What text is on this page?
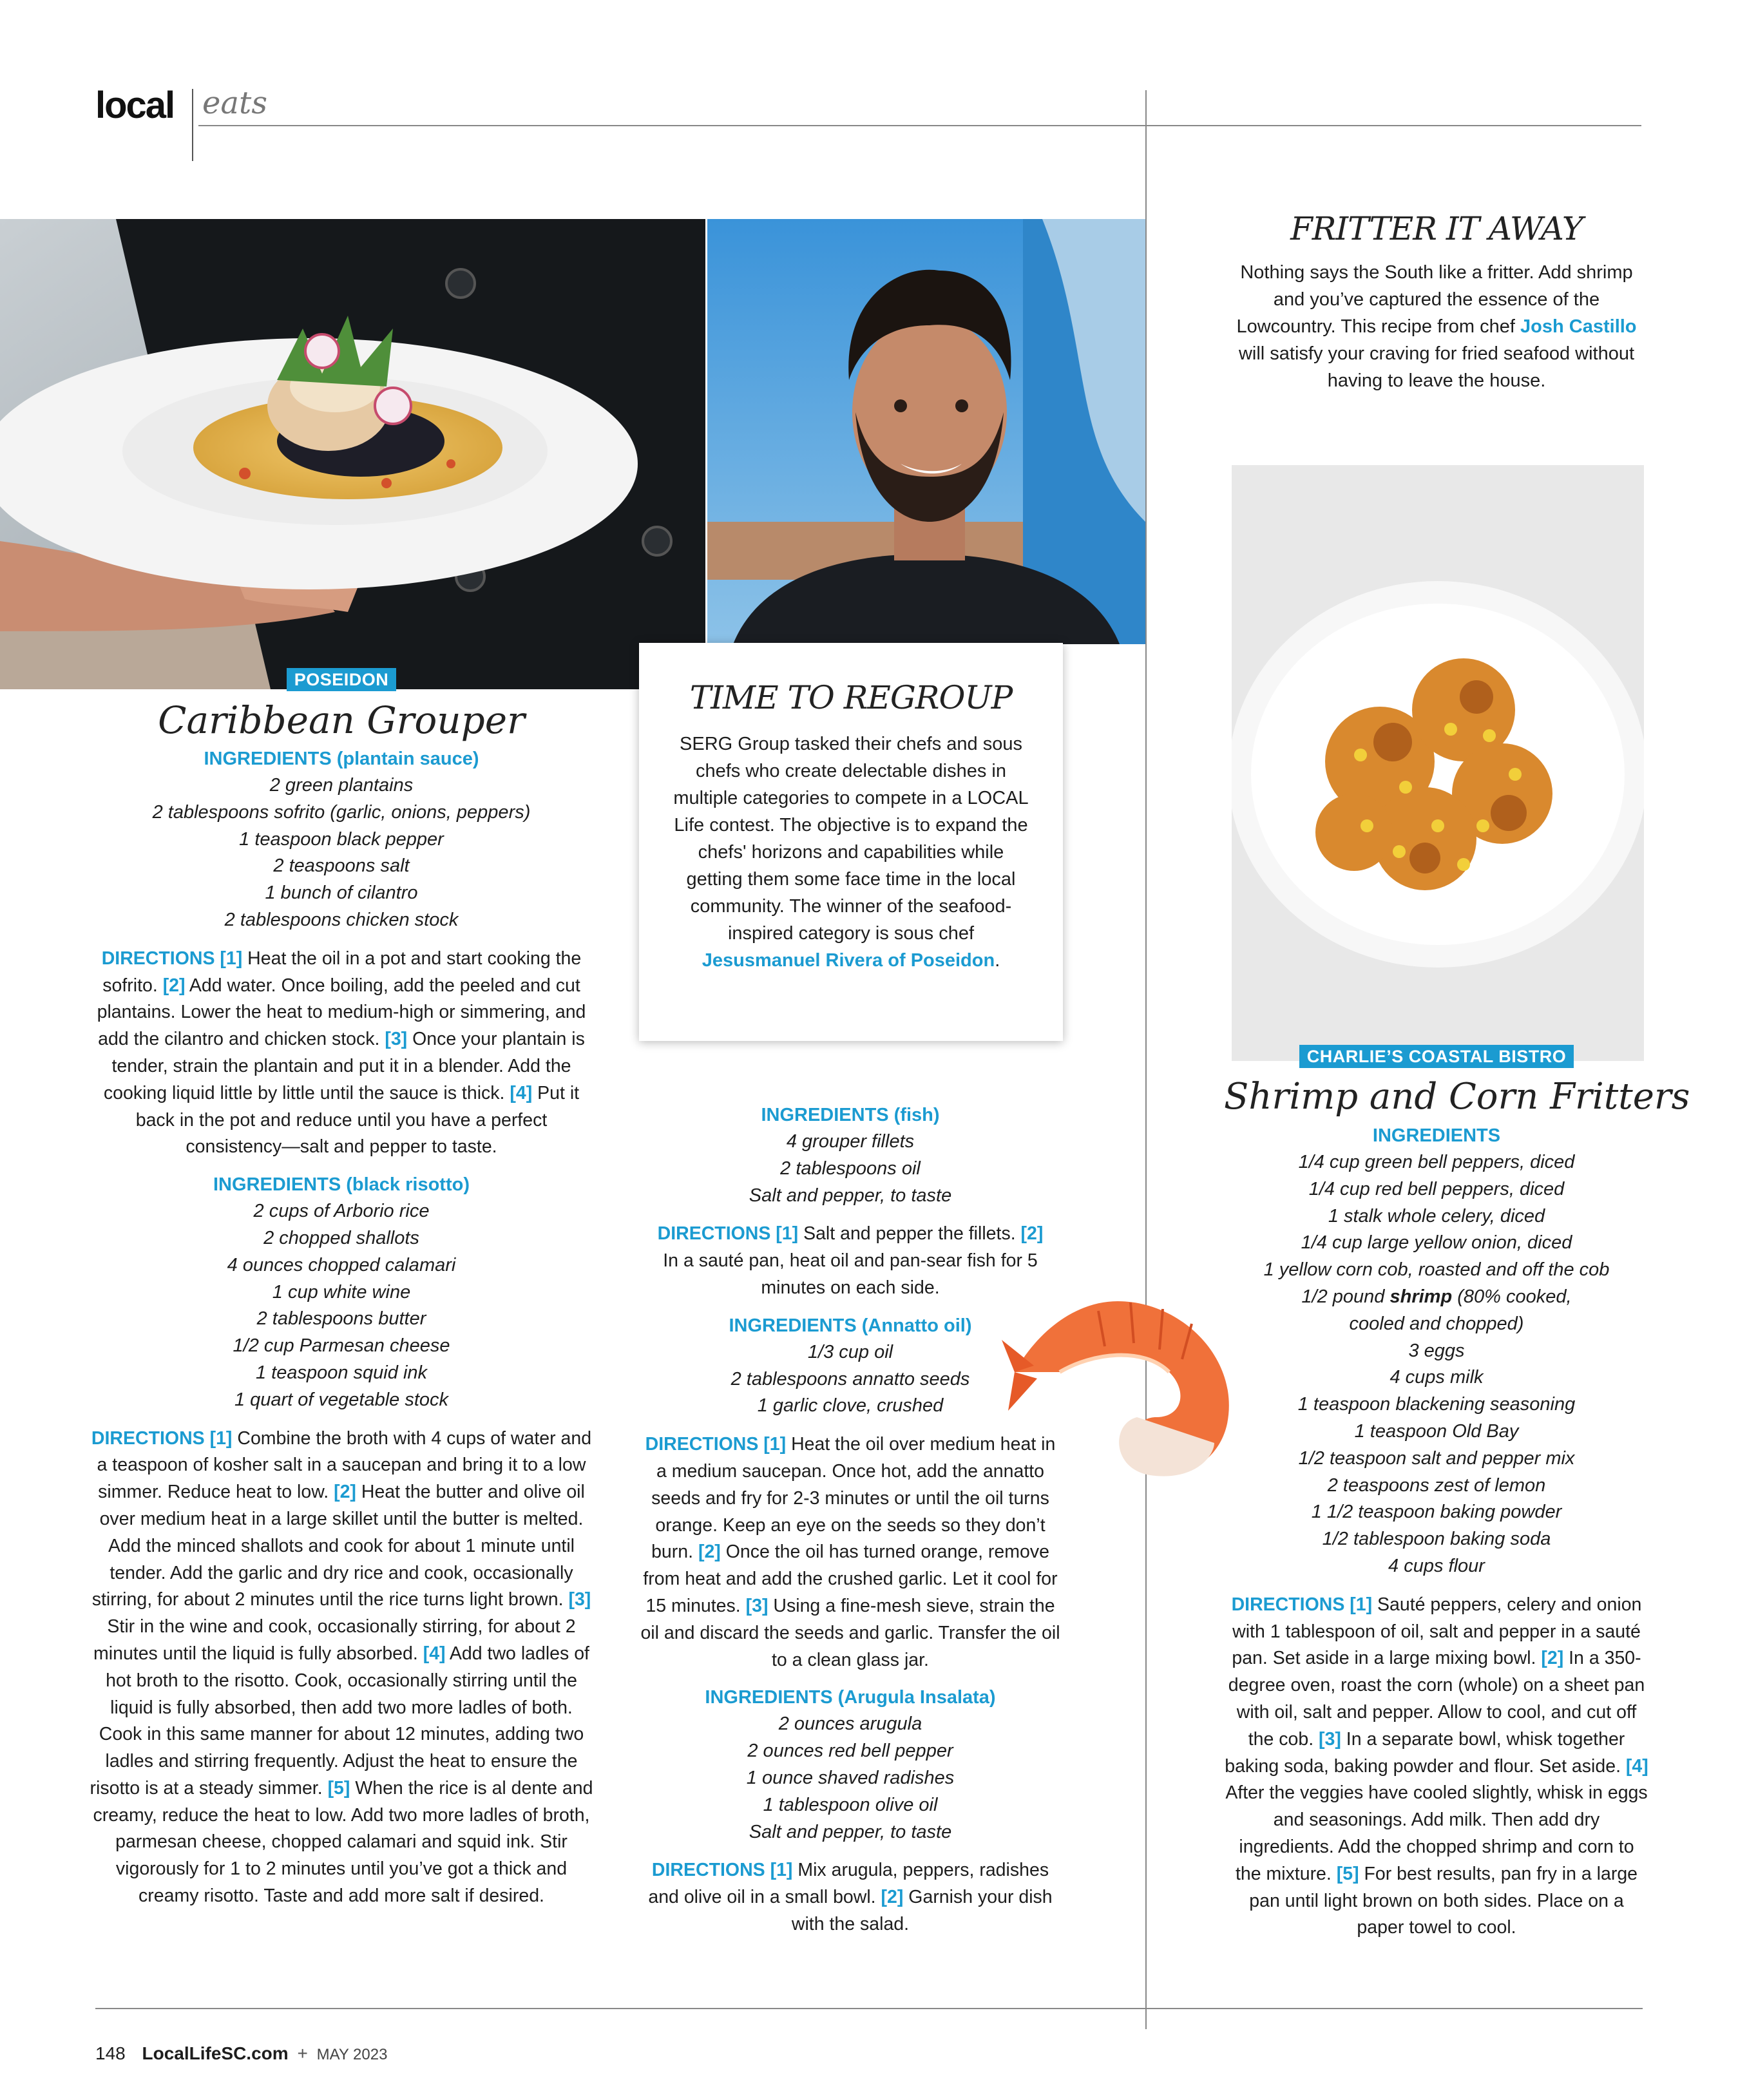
local eats
TIME TO REGROUP
SERG Group tasked their chefs and sous chefs who create delectable dishes in multiple categories to compete in a LOCAL Life contest. The objective is to expand the chefs' horizons and capabilities while getting them some face time in the local community. The winner of the seafood-inspired category is sous chef Jesusmanuel Rivera of Poseidon.
FRITTER IT AWAY
Nothing says the South like a fritter. Add shrimp and you’ve captured the essence of the Lowcountry. This recipe from chef Josh Castillo will satisfy your craving for fried seafood without having to leave the house.
POSEIDON
Caribbean Grouper
INGREDIENTS (plantain sauce)
2 green plantains
2 tablespoons sofrito (garlic, onions, peppers)
1 teaspoon black pepper
2 teaspoons salt
1 bunch of cilantro
2 tablespoons chicken stock

DIRECTIONS [1] Heat the oil in a pot and start cooking the sofrito. [2] Add water. Once boiling, add the peeled and cut plantains. Lower the heat to medium-high or simmering, and add the cilantro and chicken stock. [3] Once your plantain is tender, strain the plantain and put it in a blender. Add the cooking liquid little by little until the sauce is thick. [4] Put it back in the pot and reduce until you have a perfect consistency—salt and pepper to taste.

INGREDIENTS (black risotto)
2 cups of Arborio rice
2 chopped shallots
4 ounces chopped calamari
1 cup white wine
2 tablespoons butter
1/2 cup Parmesan cheese
1 teaspoon squid ink
1 quart of vegetable stock

DIRECTIONS [1] Combine the broth with 4 cups of water and a teaspoon of kosher salt in a saucepan and bring it to a low simmer. Reduce heat to low. [2] Heat the butter and olive oil over medium heat in a large skillet until the butter is melted. Add the minced shallots and cook for about 1 minute until tender. Add the garlic and dry rice and cook, occasionally stirring, for about 2 minutes until the rice turns light brown. [3] Stir in the wine and cook, occasionally stirring, for about 2 minutes until the liquid is fully absorbed. [4] Add two ladles of hot broth to the risotto. Cook, occasionally stirring until the liquid is fully absorbed, then add two more ladles of both. Cook in this same manner for about 12 minutes, adding two ladles and stirring frequently. Adjust the heat to ensure the risotto is at a steady simmer. [5] When the rice is al dente and creamy, reduce the heat to low. Add two more ladles of broth, parmesan cheese, chopped calamari and squid ink. Stir vigorously for 1 to 2 minutes until you’ve got a thick and creamy risotto. Taste and add more salt if desired.

INGREDIENTS (fish)
4 grouper fillets
2 tablespoons oil
Salt and pepper, to taste

DIRECTIONS [1] Salt and pepper the fillets. [2] In a sauté pan, heat oil and pan-sear fish for 5 minutes on each side.

INGREDIENTS (Annatto oil)
1/3 cup oil
2 tablespoons annatto seeds
1 garlic clove, crushed

DIRECTIONS [1] Heat the oil over medium heat in a medium saucepan. Once hot, add the annatto seeds and fry for 2-3 minutes or until the oil turns orange. Keep an eye on the seeds so they don’t burn. [2] Once the oil has turned orange, remove from heat and add the crushed garlic. Let it cool for 15 minutes. [3] Using a fine-mesh sieve, strain the oil and discard the seeds and garlic. Transfer the oil to a clean glass jar.

INGREDIENTS (Arugula Insalata)
2 ounces arugula
2 ounces red bell pepper
1 ounce shaved radishes
1 tablespoon olive oil
Salt and pepper, to taste

DIRECTIONS [1] Mix arugula, peppers, radishes and olive oil in a small bowl. [2] Garnish your dish with the salad.

CHARLIE’S COASTAL BISTRO
Shrimp and Corn Fritters
INGREDIENTS
1/4 cup green bell peppers, diced
1/4 cup red bell peppers, diced
1 stalk whole celery, diced
1/4 cup large yellow onion, diced
1 yellow corn cob, roasted and off the cob
1/2 pound shrimp (80% cooked,
cooled and chopped)
3 eggs
4 cups milk
1 teaspoon blackening seasoning
1 teaspoon Old Bay
1/2 teaspoon salt and pepper mix
2 teaspoons zest of lemon
1 1/2 teaspoon baking powder
1/2 tablespoon baking soda
4 cups flour

DIRECTIONS [1] Sauté peppers, celery and onion with 1 tablespoon of oil, salt and pepper in a sauté pan. Set aside in a large mixing bowl. [2] In a 350-degree oven, roast the corn (whole) on a sheet pan with oil, salt and pepper. Allow to cool, and cut off the cob. [3] In a separate bowl, whisk together baking soda, baking powder and flour. Set aside. [4] After the veggies have cooled slightly, whisk in eggs and seasonings. Add milk. Then add dry ingredients. Add the chopped shrimp and corn to the mixture. [5] For best results, pan fry in a large pan until light brown on both sides. Place on a paper towel to cool.

148 LocalLifeSC.com + MAY 2023
